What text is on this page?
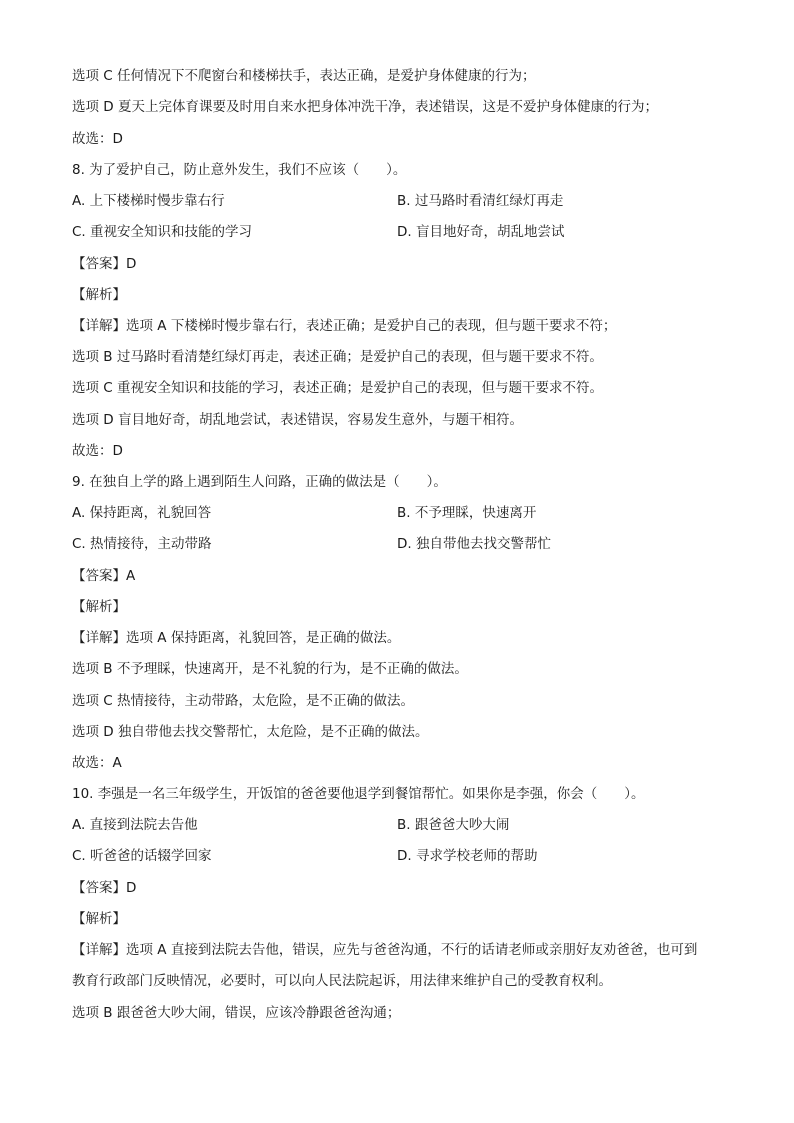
选项 C 任何情况下不爬窗台和楼梯扶手，表达正确，是爱护身体健康的行为；
选项 D 夏天上完体育课要及时用自来水把身体冲洗干净，表述错误，这是不爱护身体健康的行为；
故选：D
8. 为了爱护自己，防止意外发生，我们不应该（　　）。
A. 上下楼梯时慢步靠右行	B. 过马路时看清红绿灯再走
C. 重视安全知识和技能的学习	D. 盲目地好奇，胡乱地尝试
【答案】D
【解析】
【详解】选项 A 下楼梯时慢步靠右行，表述正确；是爱护自己的表现，但与题干要求不符；
选项 B 过马路时看清楚红绿灯再走，表述正确；是爱护自己的表现，但与题干要求不符。
选项 C 重视安全知识和技能的学习，表述正确；是爱护自己的表现，但与题干要求不符。
选项 D 盲目地好奇，胡乱地尝试，表述错误，容易发生意外，与题干相符。
故选：D
9. 在独自上学的路上遇到陌生人问路，正确的做法是（　　）。
A. 保持距离，礼貌回答	B. 不予理睬，快速离开
C. 热情接待，主动带路	D. 独自带他去找交警帮忙
【答案】A
【解析】
【详解】选项 A 保持距离，礼貌回答，是正确的做法。
选项 B 不予理睬，快速离开，是不礼貌的行为，是不正确的做法。
选项 C 热情接待，主动带路，太危险，是不正确的做法。
选项 D 独自带他去找交警帮忙，太危险，是不正确的做法。
故选：A
10. 李强是一名三年级学生，开饭馆的爸爸要他退学到餐馆帮忙。如果你是李强，你会（　　）。
A. 直接到法院去告他	B. 跟爸爸大吵大闹
C. 听爸爸的话辍学回家	D. 寻求学校老师的帮助
【答案】D
【解析】
【详解】选项 A 直接到法院去告他，错误，应先与爸爸沟通，不行的话请老师或亲朋好友劝爸爸，也可到
教育行政部门反映情况，必要时，可以向人民法院起诉，用法律来维护自己的受教育权利。
选项 B 跟爸爸大吵大闹，错误，应该冷静跟爸爸沟通；
